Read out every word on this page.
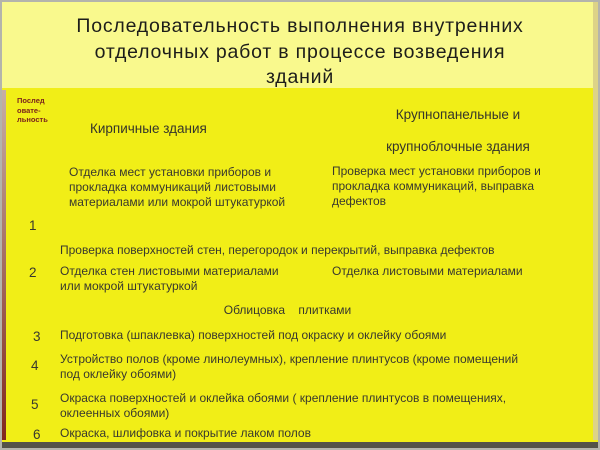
Последовательность выполнения внутренних
отделочных работ в процессе возведения
зданий
Послед
овате-
льность
Кирпичные здания
Крупнопанельные и
крупноблочные здания
1
Отделка мест установки приборов и прокладка коммуникаций листовыми материалами или мокрой штукатуркой
Проверка мест установки приборов и прокладка коммуникаций, выправка дефектов
Проверка поверхностей стен, перегородок и перекрытий, выправка дефектов
2 Отделка стен листовыми материалами или мокрой штукатуркой
Отделка листовыми материалами
Облицовка    плитками
3 Подготовка (шпаклевка) поверхностей под окраску и оклейку обоями
4 Устройство полов (кроме линолеумных), крепление плинтусов (кроме помещений под оклейку обоями)
5 Окраска поверхностей и оклейка обоями ( крепление плинтусов в помещениях, оклеенных обоями)
6 Окраска, шлифовка и покрытие лаком полов
